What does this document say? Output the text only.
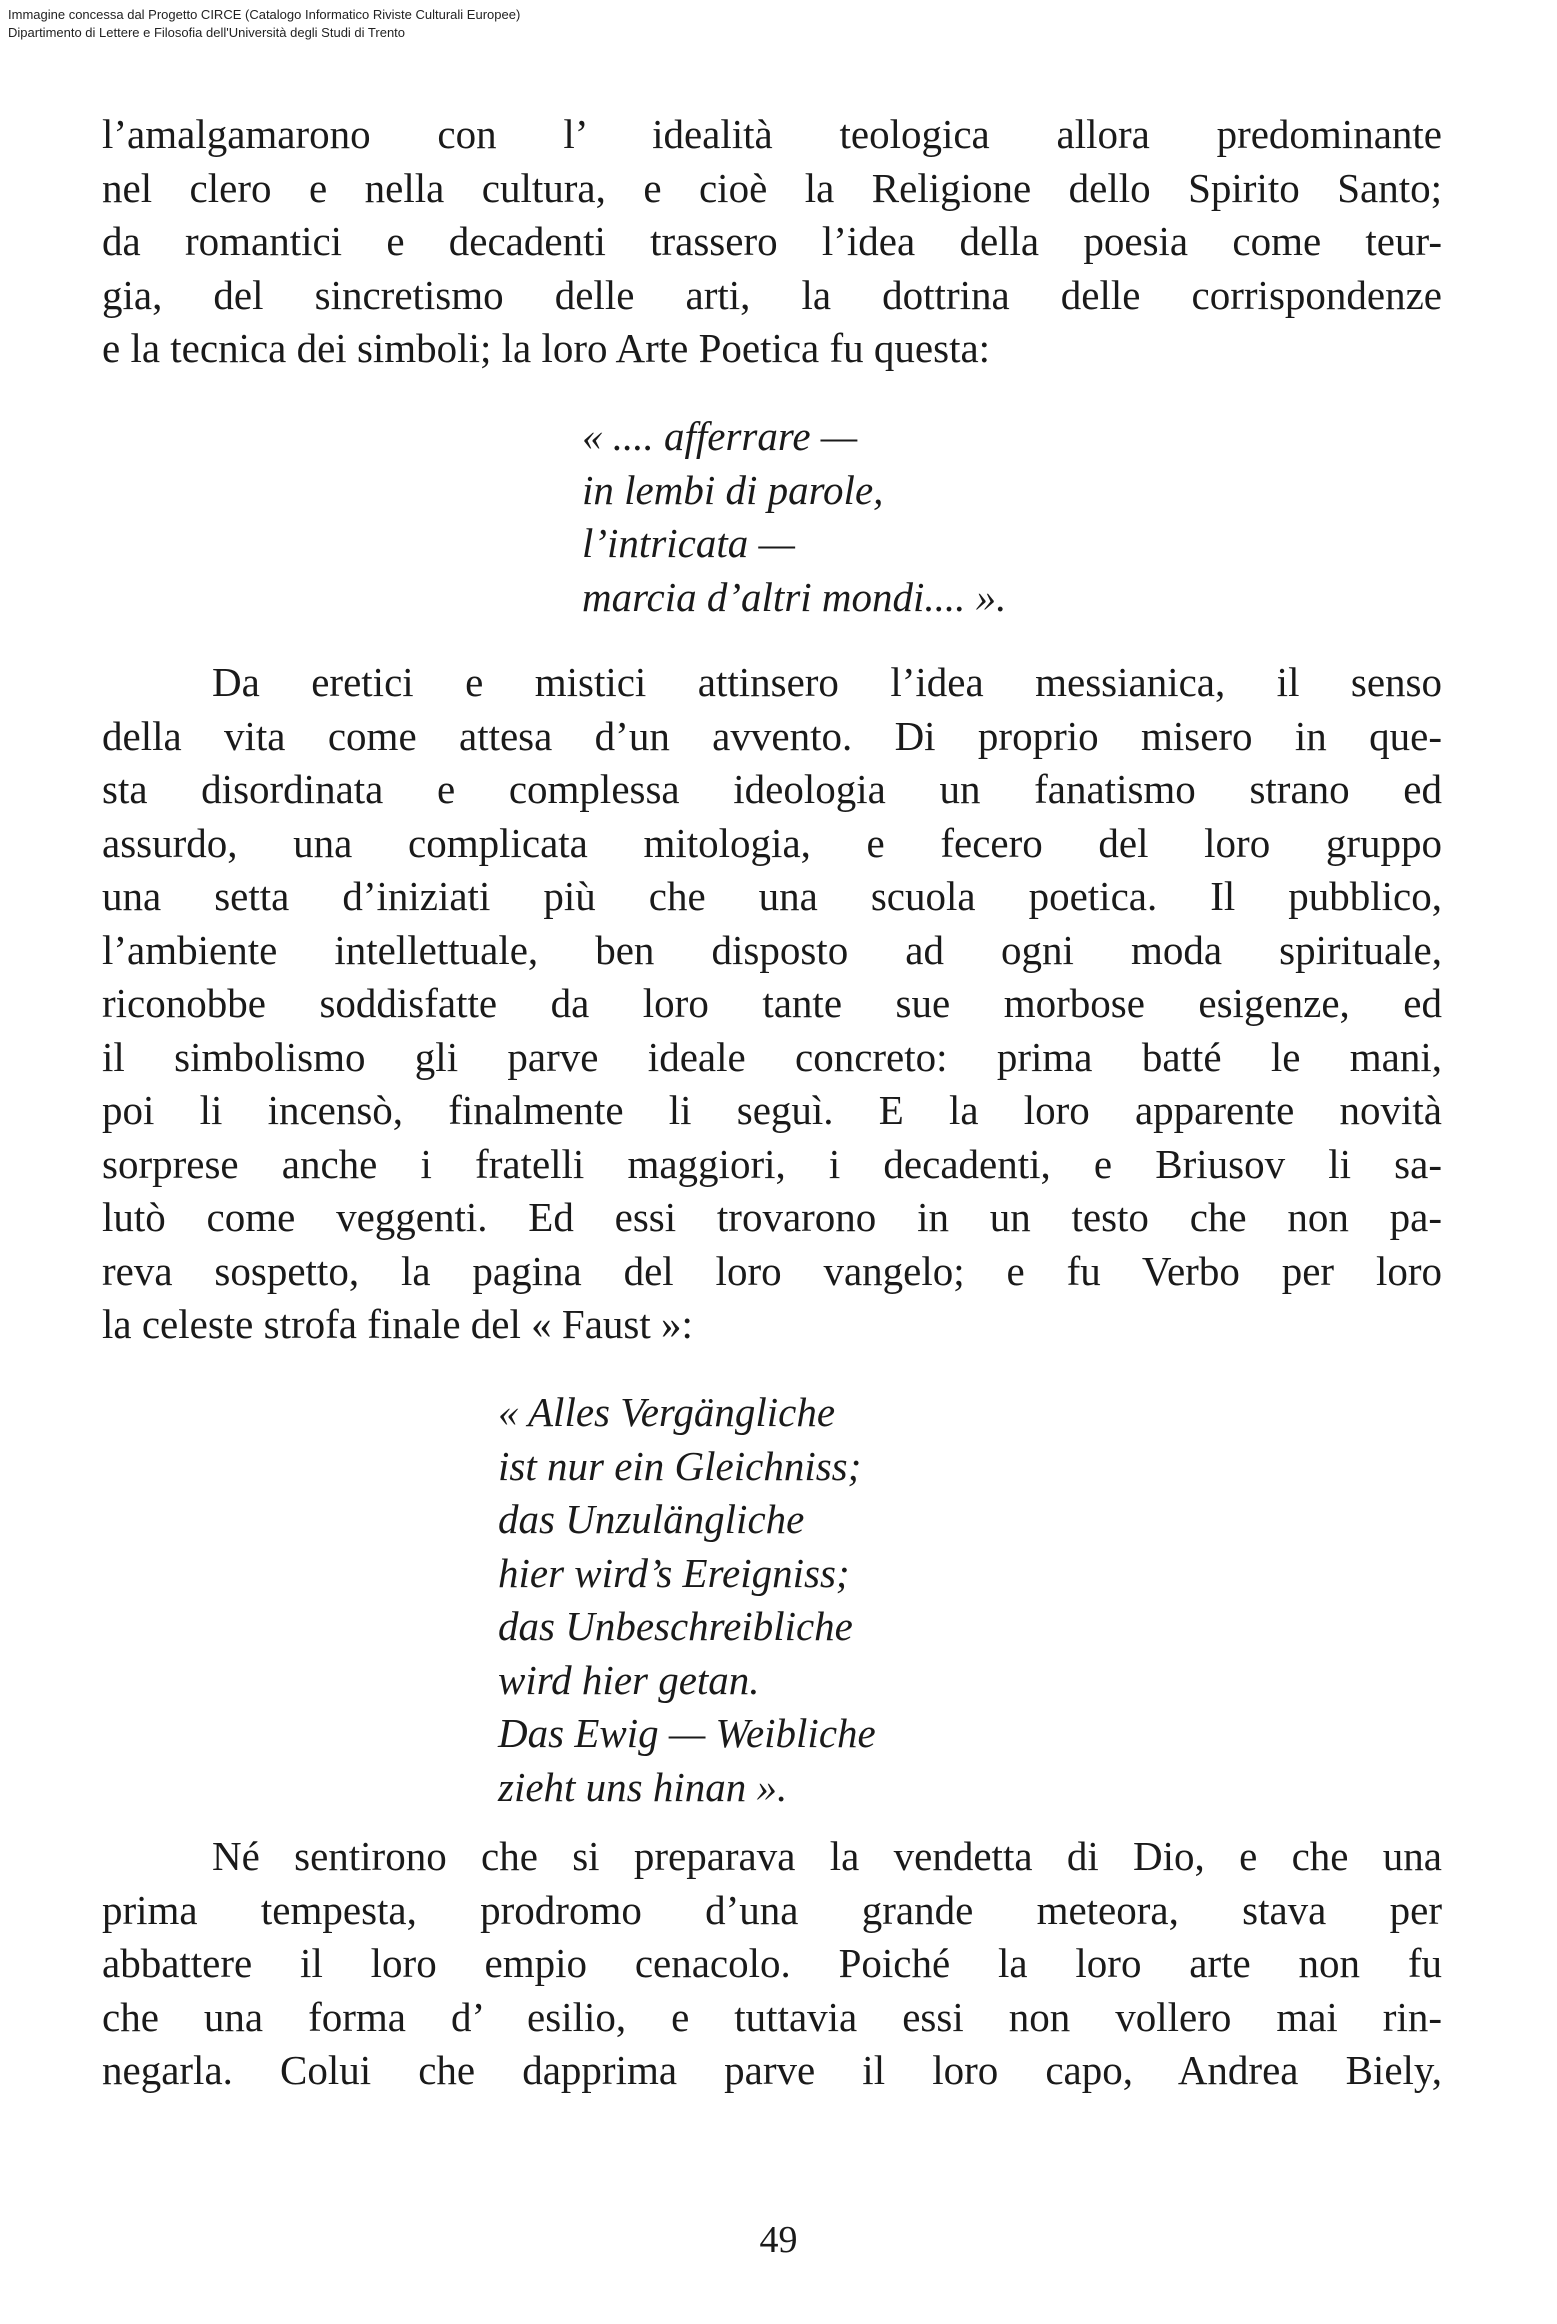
Immagine concessa dal Progetto CIRCE (Catalogo Informatico Riviste Culturali Europee)
Dipartimento di Lettere e Filosofia dell'Università degli Studi di Trento

l’amalgamarono con l’ idealità teologica allora predominante
nel clero e nella cultura, e cioè la Religione dello Spirito Santo;
da romantici e decadenti trassero l’idea della poesia come teur-
gia, del sincretismo delle arti, la dottrina delle corrispondenze
e la tecnica dei simboli; la loro Arte Poetica fu questa:

« .... afferrare —
in lembi di parole,
l’intricata —
marcia d’altri mondi.... ».

Da eretici e mistici attinsero l’idea messianica, il senso
della vita come attesa d’un avvento. Di proprio misero in que-
sta disordinata e complessa ideologia un fanatismo strano ed
assurdo, una complicata mitologia, e fecero del loro gruppo
una setta d’iniziati più che una scuola poetica. Il pubblico,
l’ambiente intellettuale, ben disposto ad ogni moda spirituale,
riconobbe soddisfatte da loro tante sue morbose esigenze, ed
il simbolismo gli parve ideale concreto: prima batté le mani,
poi li incensò, finalmente li seguì. E la loro apparente novità
sorprese anche i fratelli maggiori, i decadenti, e Briusov li sa-
lutò come veggenti. Ed essi trovarono in un testo che non pa-
reva sospetto, la pagina del loro vangelo; e fu Verbo per loro
la celeste strofa finale del « Faust »:

« Alles Vergängliche
ist nur ein Gleichniss;
das Unzulängliche
hier wird’s Ereigniss;
das Unbeschreibliche
wird hier getan.
Das Ewig — Weibliche
zieht uns hinan ».

Né sentirono che si preparava la vendetta di Dio, e che una
prima tempesta, prodromo d’una grande meteora, stava per
abbattere il loro empio cenacolo. Poiché la loro arte non fu
che una forma d’ esilio, e tuttavia essi non vollero mai rin-
negarla. Colui che dapprima parve il loro capo, Andrea Biely,

49
